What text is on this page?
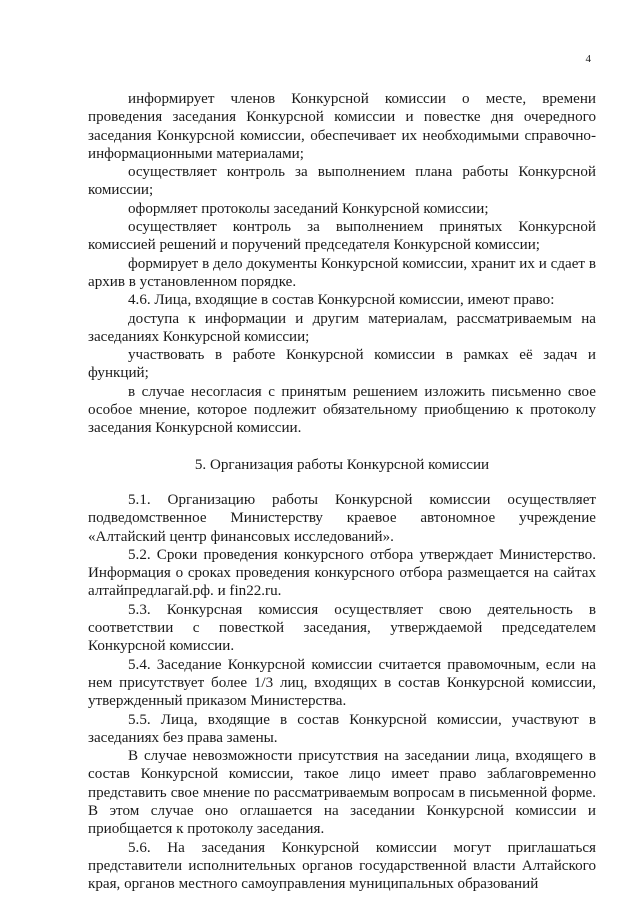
4

информирует членов Конкурсной комиссии о месте, времени проведения заседания Конкурсной комиссии и повестке дня очередного заседания Конкурсной комиссии, обеспечивает их необходимыми справочно-информационными материалами;

осуществляет контроль за выполнением плана работы Конкурсной комиссии;

оформляет протоколы заседаний Конкурсной комиссии;

осуществляет контроль за выполнением принятых Конкурсной комиссией решений и поручений председателя Конкурсной комиссии;

формирует в дело документы Конкурсной комиссии, хранит их и сдает в архив в установленном порядке.

4.6. Лица, входящие в состав Конкурсной комиссии, имеют право:

доступа к информации и другим материалам, рассматриваемым на заседаниях Конкурсной комиссии;

участвовать в работе Конкурсной комиссии в рамках её задач и функций;

в случае несогласия с принятым решением изложить письменно свое особое мнение, которое подлежит обязательному приобщению к протоколу заседания Конкурсной комиссии.

5. Организация работы Конкурсной комиссии

5.1. Организацию работы Конкурсной комиссии осуществляет подведомственное Министерству краевое автономное учреждение «Алтайский центр финансовых исследований».

5.2. Сроки проведения конкурсного отбора утверждает Министерство. Информация о сроках проведения конкурсного отбора размещается на сайтах алтайпредлагай.рф. и fin22.ru.

5.3. Конкурсная комиссия осуществляет свою деятельность в соответствии с повесткой заседания, утверждаемой председателем Конкурсной комиссии.

5.4. Заседание Конкурсной комиссии считается правомочным, если на нем присутствует более 1/3 лиц, входящих в состав Конкурсной комиссии, утвержденный приказом Министерства.

5.5. Лица, входящие в состав Конкурсной комиссии, участвуют в заседаниях без права замены.

В случае невозможности присутствия на заседании лица, входящего в состав Конкурсной комиссии, такое лицо имеет право заблаговременно представить свое мнение по рассматриваемым вопросам в письменной форме. В этом случае оно оглашается на заседании Конкурсной комиссии и приобщается к протоколу заседания.

5.6. На заседания Конкурсной комиссии могут приглашаться представители исполнительных органов государственной власти Алтайского края, органов местного самоуправления муниципальных образований
